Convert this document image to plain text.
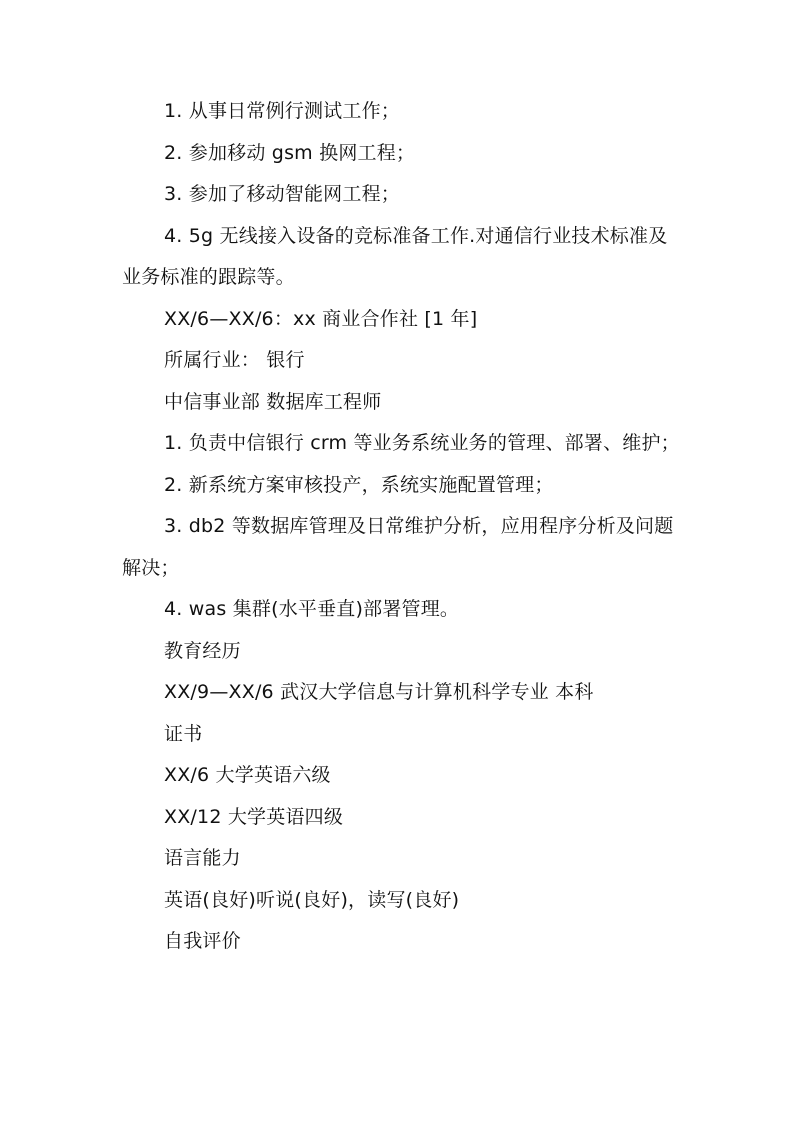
1. 从事日常例行测试工作；

2. 参加移动 gsm 换网工程；

3. 参加了移动智能网工程；

4. 5g 无线接入设备的竞标准备工作.对通信行业技术标准及业务标准的跟踪等。

XX/6—XX/6：xx 商业合作社 [1 年]

所属行业： 银行

中信事业部 数据库工程师

1. 负责中信银行 crm 等业务系统业务的管理、部署、维护；

2. 新系统方案审核投产，系统实施配置管理；

3. db2 等数据库管理及日常维护分析，应用程序分析及问题解决；

4. was 集群(水平垂直)部署管理。

教育经历

XX/9—XX/6 武汉大学信息与计算机科学专业 本科

证书

XX/6 大学英语六级

XX/12 大学英语四级

语言能力

英语(良好)听说(良好)，读写(良好)

自我评价
